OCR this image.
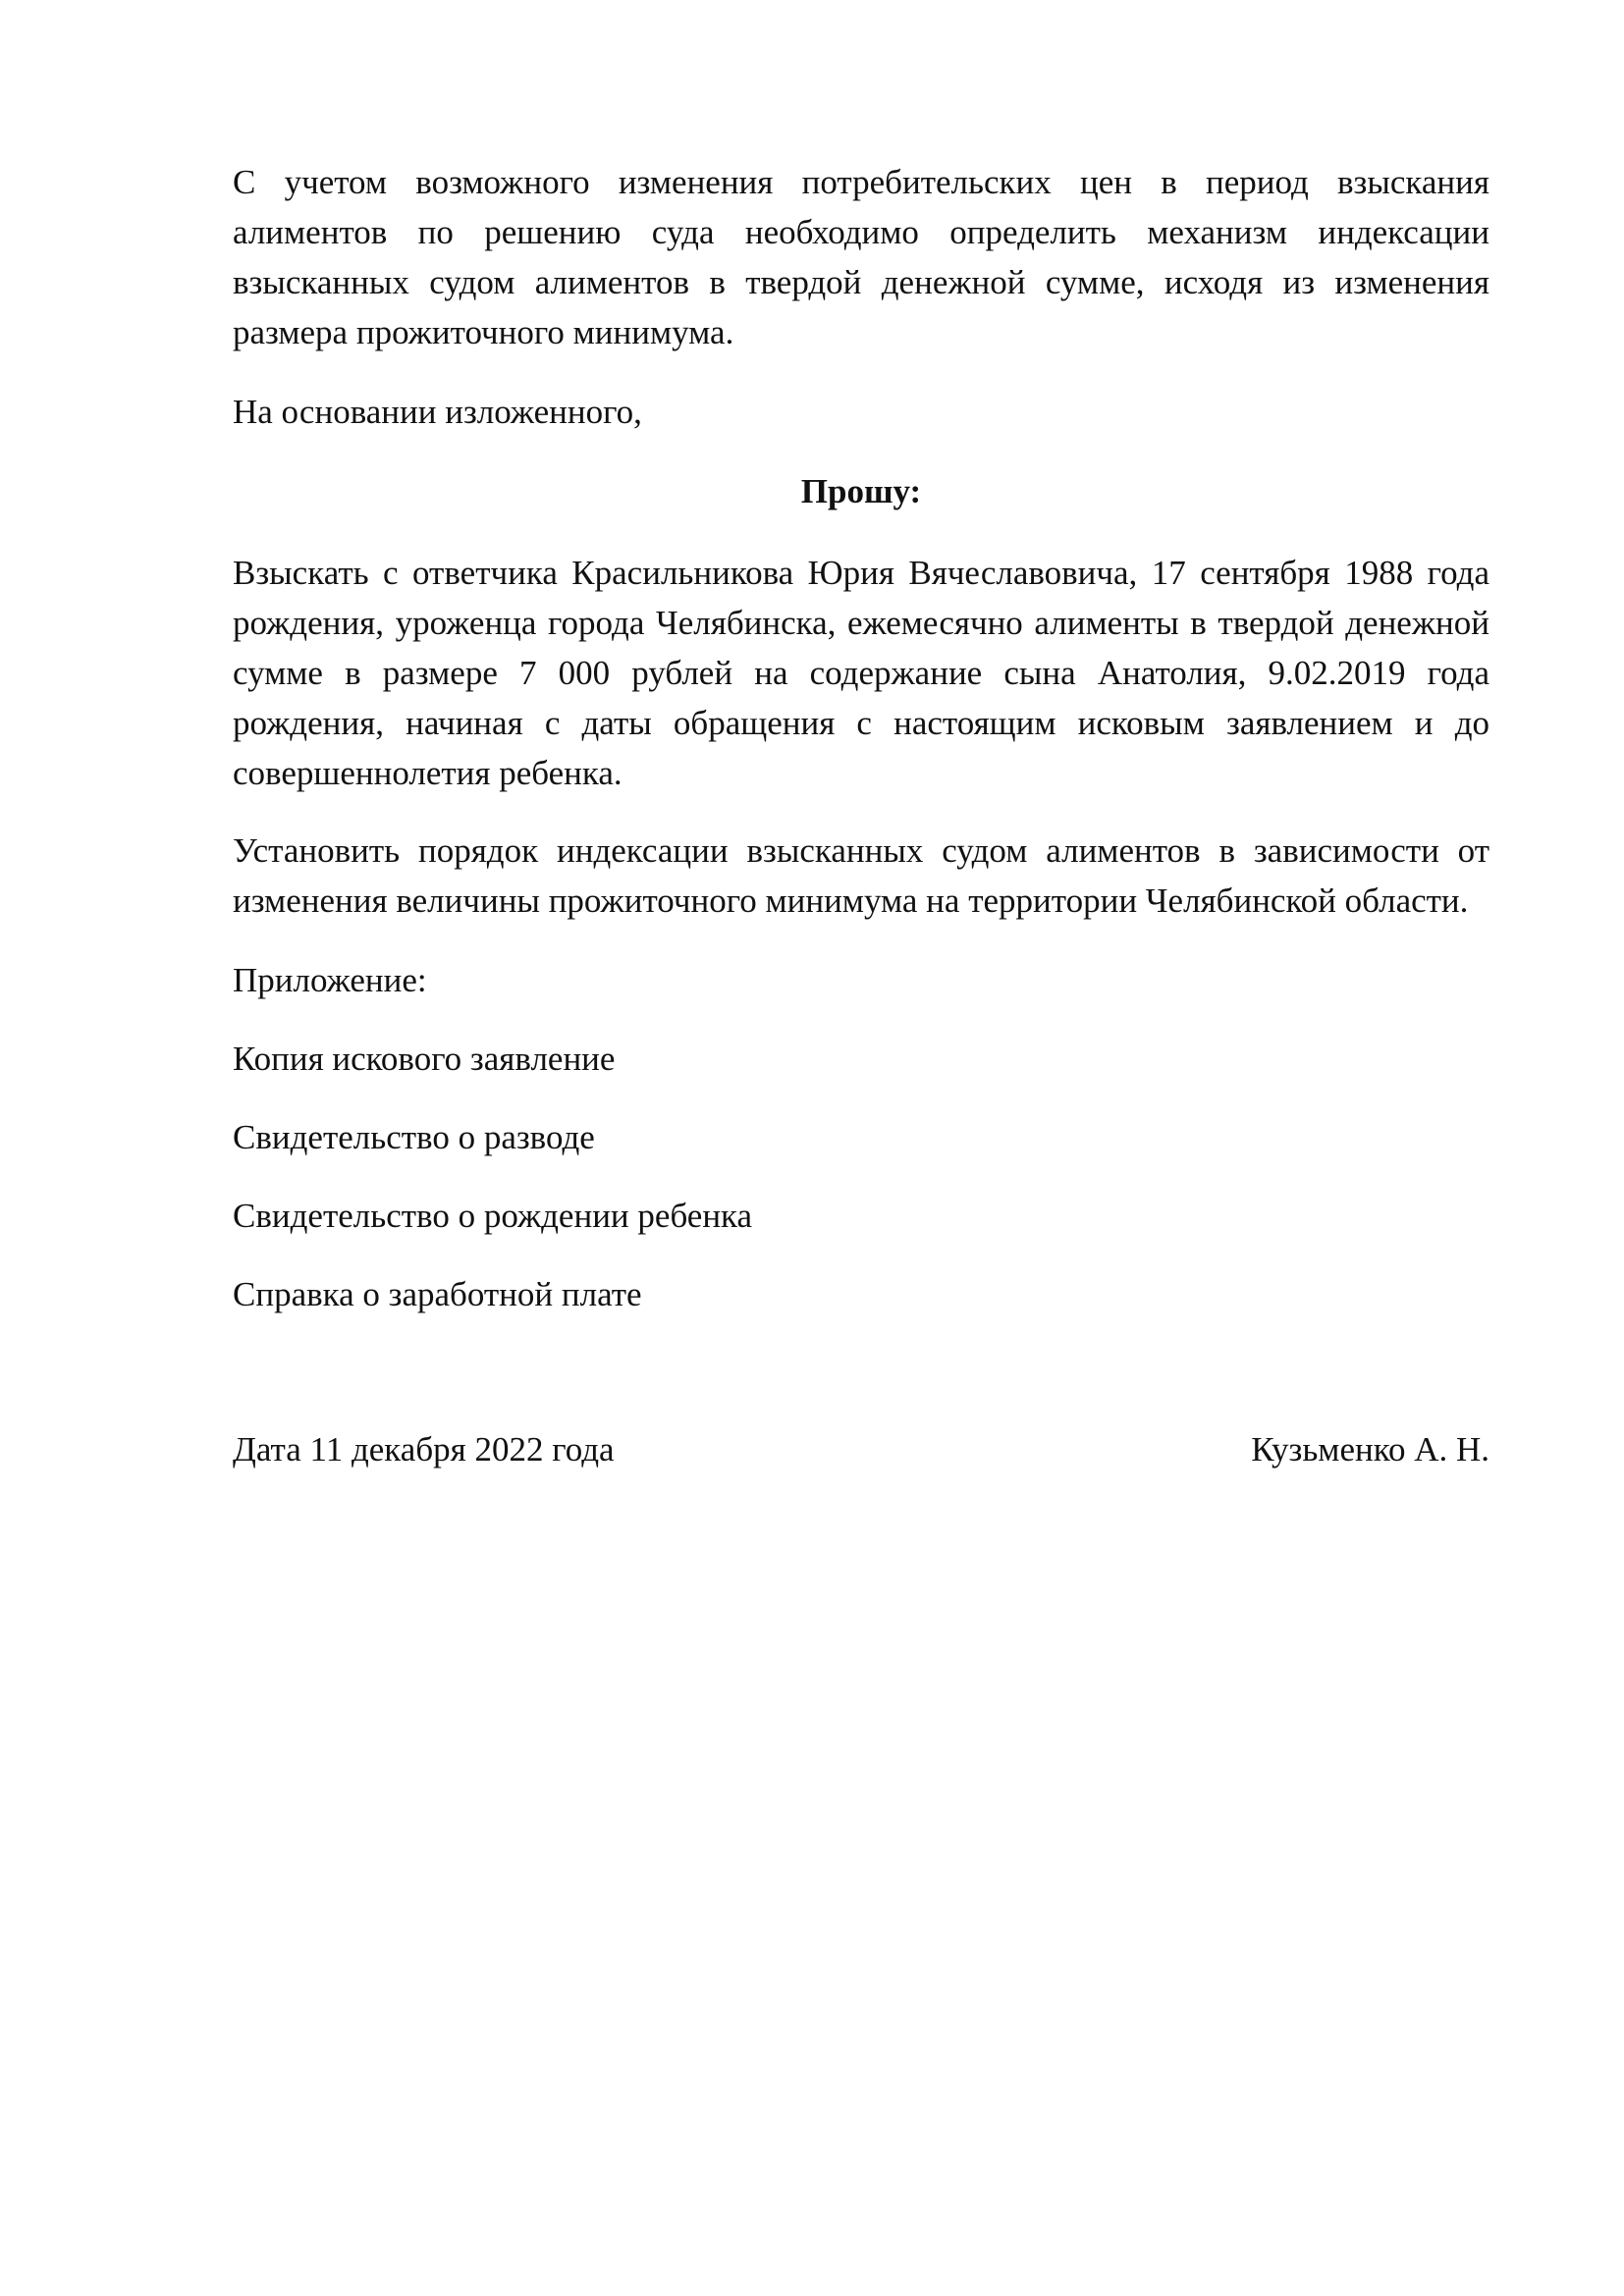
С учетом возможного изменения потребительских цен в период взыскания алиментов по решению суда необходимо определить механизм индексации взысканных судом алиментов в твердой денежной сумме, исходя из изменения размера прожиточного минимума.

На основании изложенного,

Прошу:

Взыскать с ответчика Красильникова Юрия Вячеславовича, 17 сентября 1988 года рождения, уроженца города Челябинска, ежемесячно алименты в твердой денежной сумме в размере 7 000 рублей на содержание сына Анатолия, 9.02.2019 года рождения, начиная с даты обращения с настоящим исковым заявлением и до совершеннолетия ребенка.

Установить порядок индексации взысканных судом алиментов в зависимости от изменения величины прожиточного минимума на территории Челябинской области.

Приложение:

Копия искового заявление

Свидетельство о разводе

Свидетельство о рождении ребенка

Справка о заработной плате

Дата 11 декабря 2022 года	Кузьменко А. Н.
